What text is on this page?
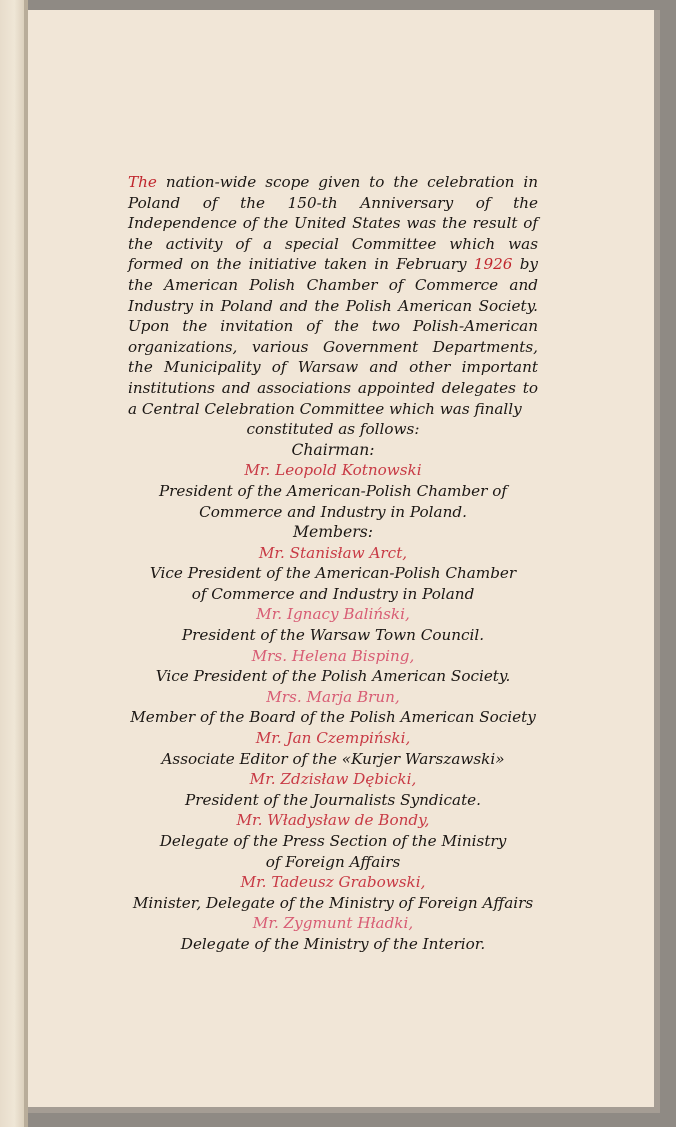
The nation-wide scope given to the celebration in Poland of the 150-th Anniversary of the Independence of the United States was the result of the activity of a special Committee which was formed on the initiative taken in February 1926 by the American Polish Chamber of Commerce and Industry in Poland and the Polish American Society. Upon the invitation of the two Polish-American organizations, various Government Departments, the Municipality of Warsaw and other important institutions and associations appointed delegates to a Central Celebration Committee which was finally

constituted as follows:

Chairman:

Mr. Leopold Kotnowski

President of the American-Polish Chamber of

Commerce and Industry in Poland.

Members:

Mr. Stanisław Arct,

Vice President of the American-Polish Chamber

of Commerce and Industry in Poland

Mr. Ignacy Baliński,

President of the Warsaw Town Council.

Mrs. Helena Bisping,

Vice President of the Polish American Society.

Mrs. Marja Brun,

Member of the Board of the Polish American Society

Mr. Jan Czempiński,

Associate Editor of the «Kurjer Warszawski»

Mr. Zdzisław Dębicki,

President of the Journalists Syndicate.

Mr. Władysław de Bondy,

Delegate of the Press Section of the Ministry

of Foreign Affairs

Mr. Tadeusz Grabowski,

Minister, Delegate of the Ministry of Foreign Affairs

Mr. Zygmunt Hładki,

Delegate of the Ministry of the Interior.
